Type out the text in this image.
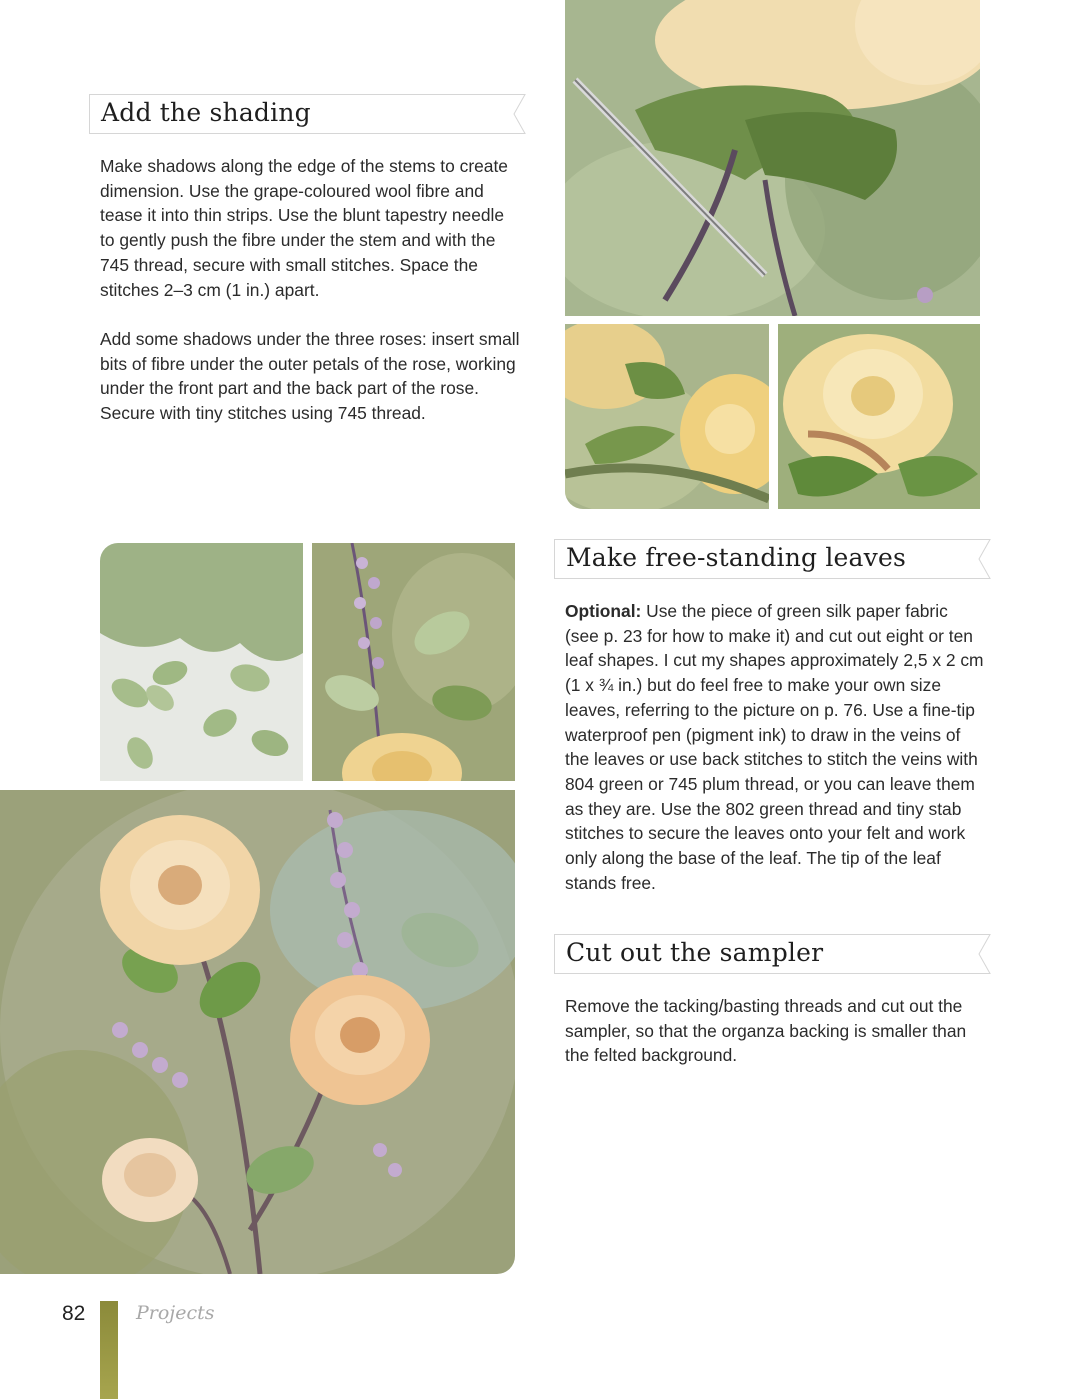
Add the shading

Make shadows along the edge of the stems to create dimension. Use the grape-coloured wool fibre and tease it into thin strips. Use the blunt tapestry needle to gently push the fibre under the stem and with the 745 thread, secure with small stitches. Space the stitches 2–3 cm (1 in.) apart.

Add some shadows under the three roses: insert small bits of fibre under the outer petals of the rose, working under the front part and the back part of the rose. Secure with tiny stitches using 745 thread.

Make free-standing leaves

Optional: Use the piece of green silk paper fabric (see p. 23 for how to make it) and cut out eight or ten leaf shapes. I cut my shapes approximately 2,5 x 2 cm (1 x ¾ in.) but do feel free to make your own size leaves, referring to the picture on p. 76. Use a fine-tip waterproof pen (pigment ink) to draw in the veins of the leaves or use back stitches to stitch the veins with 804 green or 745 plum thread, or you can leave them as they are. Use the 802 green thread and tiny stab stitches to secure the leaves onto your felt and work only along the base of the leaf. The tip of the leaf stands free.

Cut out the sampler

Remove the tacking/basting threads and cut out the sampler, so that the organza backing is smaller than the felted background.

82	Projects
